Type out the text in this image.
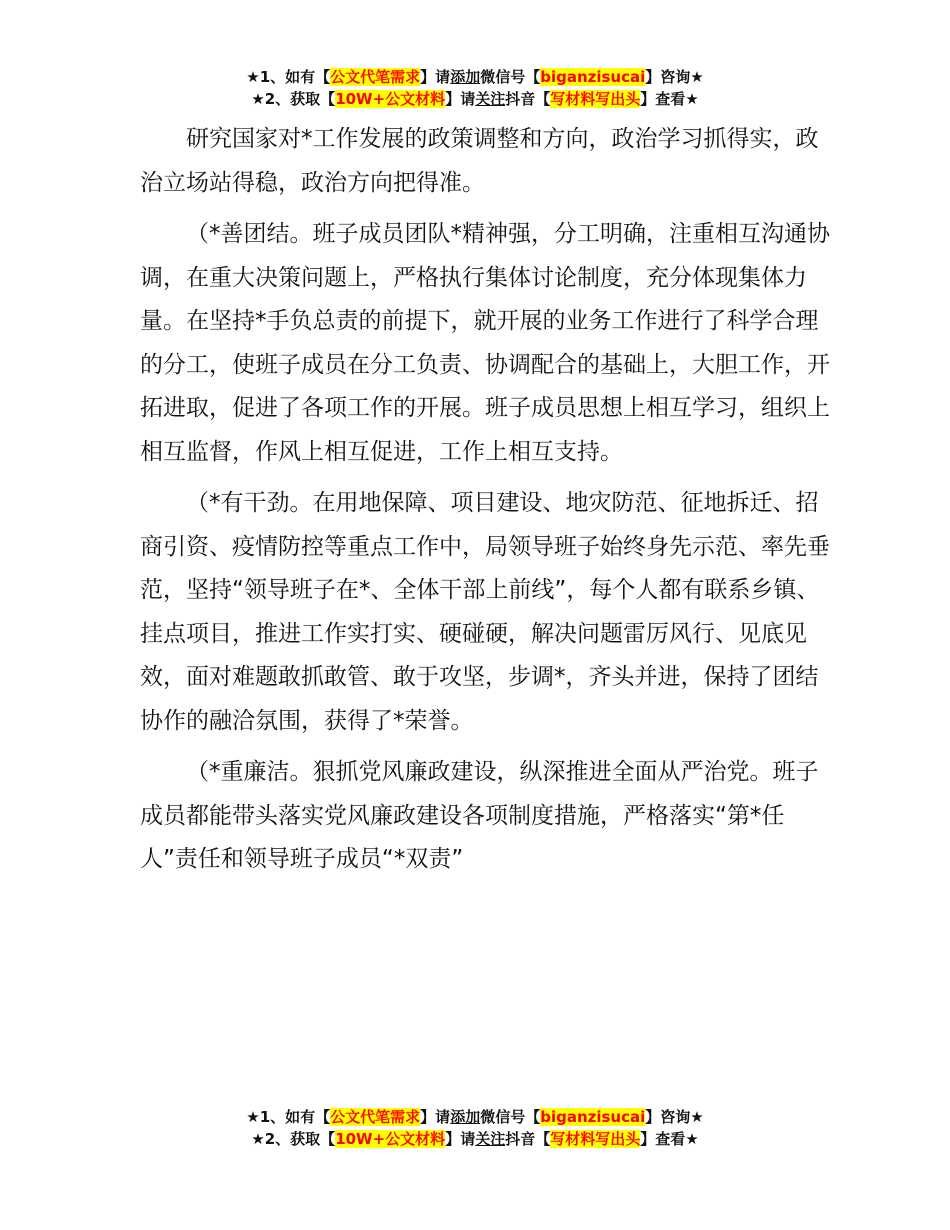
★1、如有【公文代笔需求】请添加微信号【biganzisucai】咨询★
★2、获取【10W+公文材料】请关注抖音【写材料写出头】查看★

研究国家对*工作发展的政策调整和方向，政治学习抓得实，政治立场站得稳，政治方向把得准。

（*善团结。班子成员团队*精神强，分工明确，注重相互沟通协调，在重大决策问题上，严格执行集体讨论制度，充分体现集体力量。在坚持*手负总责的前提下，就开展的业务工作进行了科学合理的分工，使班子成员在分工负责、协调配合的基础上，大胆工作，开拓进取，促进了各项工作的开展。班子成员思想上相互学习，组织上相互监督，作风上相互促进，工作上相互支持。

（*有干劲。在用地保障、项目建设、地灾防范、征地拆迁、招商引资、疫情防控等重点工作中，局领导班子始终身先示范、率先垂范，坚持“领导班子在*、全体干部上前线”，每个人都有联系乡镇、挂点项目，推进工作实打实、硬碰硬，解决问题雷厉风行、见底见效，面对难题敢抓敢管、敢于攻坚，步调*，齐头并进，保持了团结协作的融洽氛围，获得了*荣誉。

（*重廉洁。狠抓党风廉政建设，纵深推进全面从严治党。班子成员都能带头落实党风廉政建设各项制度措施，严格落实“第*任人”责任和领导班子成员“*双责”

★1、如有【公文代笔需求】请添加微信号【biganzisucai】咨询★
★2、获取【10W+公文材料】请关注抖音【写材料写出头】查看★
